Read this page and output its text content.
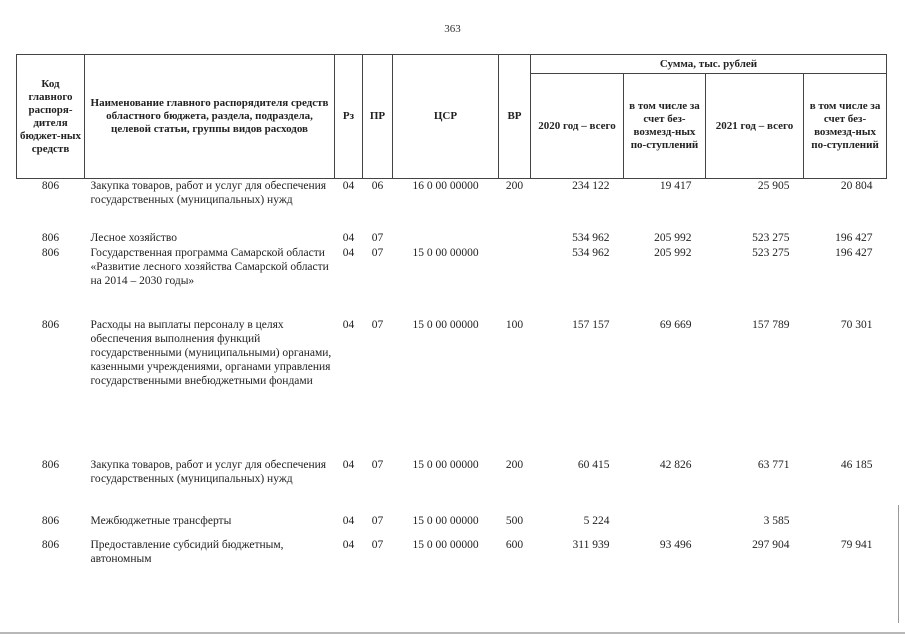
363
Код главного распоря-дителя бюджет-ных средств	Наименование главного распорядителя средств областного бюджета, раздела, подраздела, целевой статьи, группы видов расходов	Рз	ПР	ЦСР	ВР	Сумма, тыс. рублей			
						2020 год – всего	в том числе за счет без-возмезд-ных по-ступлений	2021 год – всего	в том числе за счет без-возмезд-ных по-ступлений
806	Закупка товаров, работ и услуг для обеспечения государственных (муниципальных) нужд	04	06	16 0 00 00000	200	234 122	19 417	25 905	20 804
806	Лесное хозяйство	04	07			534 962	205 992	523 275	196 427
806	Государственная программа Самарской области «Развитие лесного хозяйства Самарской области на 2014 – 2030 годы»	04	07	15 0 00 00000		534 962	205 992	523 275	196 427
806	Расходы на выплаты персоналу в целях обеспечения выполнения функций государственными (муниципальными) органами, казенными учреждениями, органами управления государственными внебюджетными фондами	04	07	15 0 00 00000	100	157 157	69 669	157 789	70 301
806	Закупка товаров, работ и услуг для обеспечения государственных (муниципальных) нужд	04	07	15 0 00 00000	200	60 415	42 826	63 771	46 185
806	Межбюджетные трансферты	04	07	15 0 00 00000	500	5 224		3 585	
806	Предоставление субсидий бюджетным, автономным	04	07	15 0 00 00000	600	311 939	93 496	297 904	79 941
